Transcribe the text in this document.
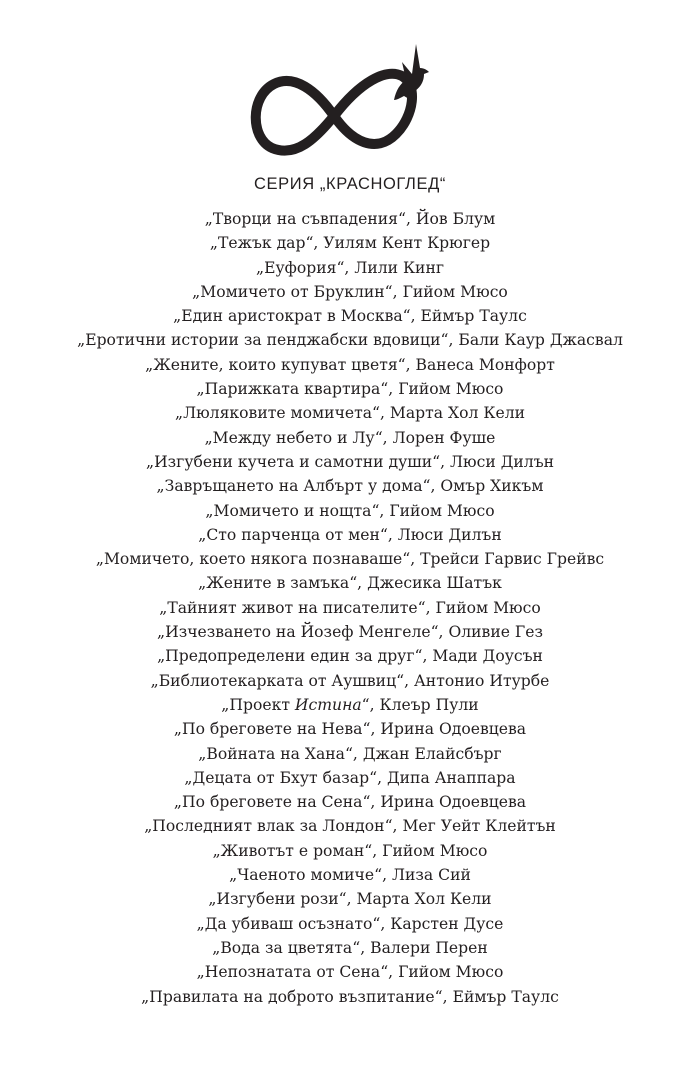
СЕРИЯ „КРАСНОГЛЕД“
„Творци на съвпадения“, Йов Блум
„Тежък дар“, Уилям Кент Крюгер
„Еуфория“, Лили Кинг
„Момичето от Бруклин“, Гийом Мюсо
„Един аристократ в Москва“, Еймър Таулс
„Еротични истории за пенджабски вдовици“, Бали Каур Джасвал
„Жените, които купуват цветя“, Ванеса Монфорт
„Парижката квартира“, Гийом Мюсо
„Люляковите момичета“, Марта Хол Кели
„Между небето и Лу“, Лорен Фуше
„Изгубени кучета и самотни души“, Люси Дилън
„Завръщането на Албърт у дома“, Омър Хикъм
„Момичето и нощта“, Гийом Мюсо
„Сто парченца от мен“, Люси Дилън
„Момичето, което някога познаваше“, Трейси Гарвис Грейвс
„Жените в замъка“, Джесика Шатък
„Тайният живот на писателите“, Гийом Мюсо
„Изчезването на Йозеф Менгеле“, Оливие Гез
„Предопределени един за друг“, Мади Доусън
„Библиотекарката от Аушвиц“, Антонио Итурбе
„Проект Истина“, Клеър Пули
„По бреговете на Нева“, Ирина Одоевцева
„Войната на Хана“, Джан Елайсбърг
„Децата от Бхут базар“, Дипа Анаппара
„По бреговете на Сена“, Ирина Одоевцева
„Последният влак за Лондон“, Мег Уейт Клейтън
„Животът е роман“, Гийом Мюсо
„Чаеното момиче“, Лиза Сий
„Изгубени рози“, Марта Хол Кели
„Да убиваш осъзнато“, Карстен Дусе
„Вода за цветята“, Валери Перен
„Непознатата от Сена“, Гийом Мюсо
„Правилата на доброто възпитание“, Еймър Таулс
